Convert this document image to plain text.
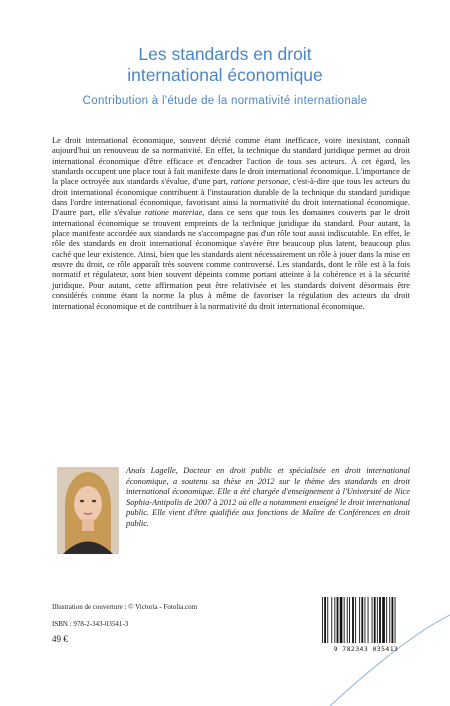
Les standards en droit
international économique
Contribution à l'étude de la normativité internationale
Le droit international économique, souvent décrié comme étant inefficace, voire inexistant, connaît aujourd'hui un renouveau de sa normativité. En effet, la technique du standard juridique permet au droit international économique d'être efficace et d'encadrer l'action de tous ses acteurs. À cet égard, les standards occupent une place tout à fait manifeste dans le droit international économique. L'importance de la place octroyée aux standards s'évalue, d'une part, ratione personae, c'est-à-dire que tous les acteurs du droit international économique contribuent à l'instauration durable de la technique du standard juridique dans l'ordre international économique, favorisant ainsi la normativité du droit international économique. D'autre part, elle s'évalue ratione materiae, dans ce sens que tous les domaines couverts par le droit international économique se trouvent empreints de la technique juridique du standard. Pour autant, la place manifeste accordée aux standards ne s'accompagne pas d'un rôle tout aussi indiscutable. En effet, le rôle des standards en droit international économique s'avère être beaucoup plus latent, beaucoup plus caché que leur existence. Ainsi, bien que les standards aient nécessairement un rôle à jouer dans la mise en œuvre du droit, ce rôle apparaît très souvent comme controversé. Les standards, dont le rôle est à la fois normatif et régulateur, sont bien souvent dépeints comme portant atteinte à la cohérence et à la sécurité juridique. Pour autant, cette affirmation peut être relativisée et les standards doivent désormais être considérés comme étant la norme la plus à même de favoriser la régulation des acteurs du droit international économique et de contribuer à la normativité du droit international économique.
Anaïs Lagelle, Docteur en droit public et spécialisée en droit international économique, a soutenu sa thèse en 2012 sur le thème des standards en droit international économique. Elle a été chargée d'enseignement à l'Université de Nice Sophia-Antipolis de 2007 à 2012 où elle a notamment enseigné le droit international public. Elle vient d'être qualifiée aux fonctions de Maître de Conférences en droit public.
Illustration de couverture : © Victoria - Fotolia.com
ISBN : 978-2-343-03541-3
49 €
9 782343 035413
